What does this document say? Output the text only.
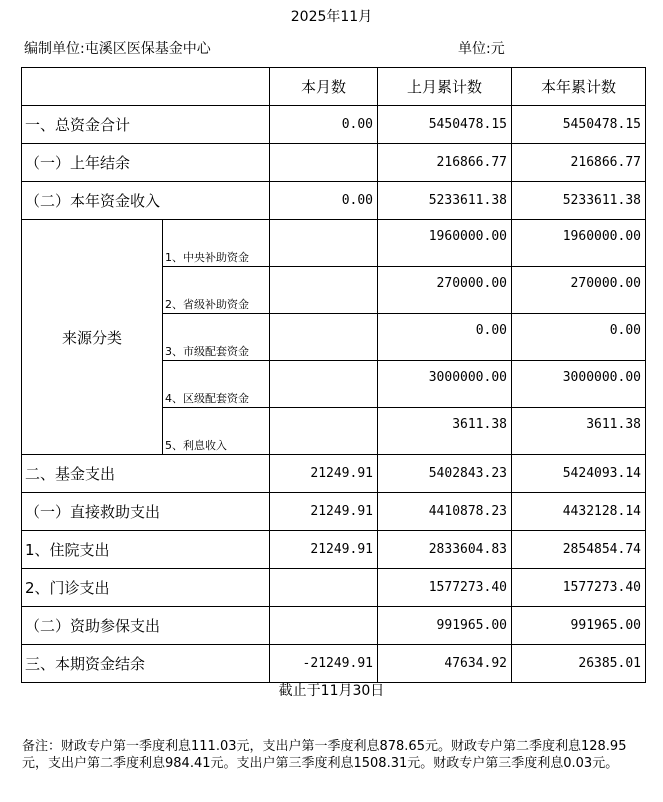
2025年11月
编制单位:屯溪区医保基金中心	单位:元
		本月数	上月累计数	本年累计数
一、总资金合计		0.00	5450478.15	5450478.15
（一）上年结余			216866.77	216866.77
（二）本年资金收入		0.00	5233611.38	5233611.38
来源分类	1、中央补助资金		1960000.00	1960000.00
	2、省级补助资金		270000.00	270000.00
	3、市级配套资金		0.00	0.00
	4、区级配套资金		3000000.00	3000000.00
	5、利息收入		3611.38	3611.38
二、基金支出		21249.91	5402843.23	5424093.14
（一）直接救助支出		21249.91	4410878.23	4432128.14
1、住院支出		21249.91	2833604.83	2854854.74
2、门诊支出			1577273.40	1577273.40
（二）资助参保支出			991965.00	991965.00
三、本期资金结余		-21249.91	47634.92	26385.01
截止于11月30日
备注：财政专户第一季度利息111.03元，支出户第一季度利息878.65元。财政专户第二季度利息128.95元，支出户第二季度利息984.41元。支出户第三季度利息1508.31元。财政专户第三季度利息0.03元。
